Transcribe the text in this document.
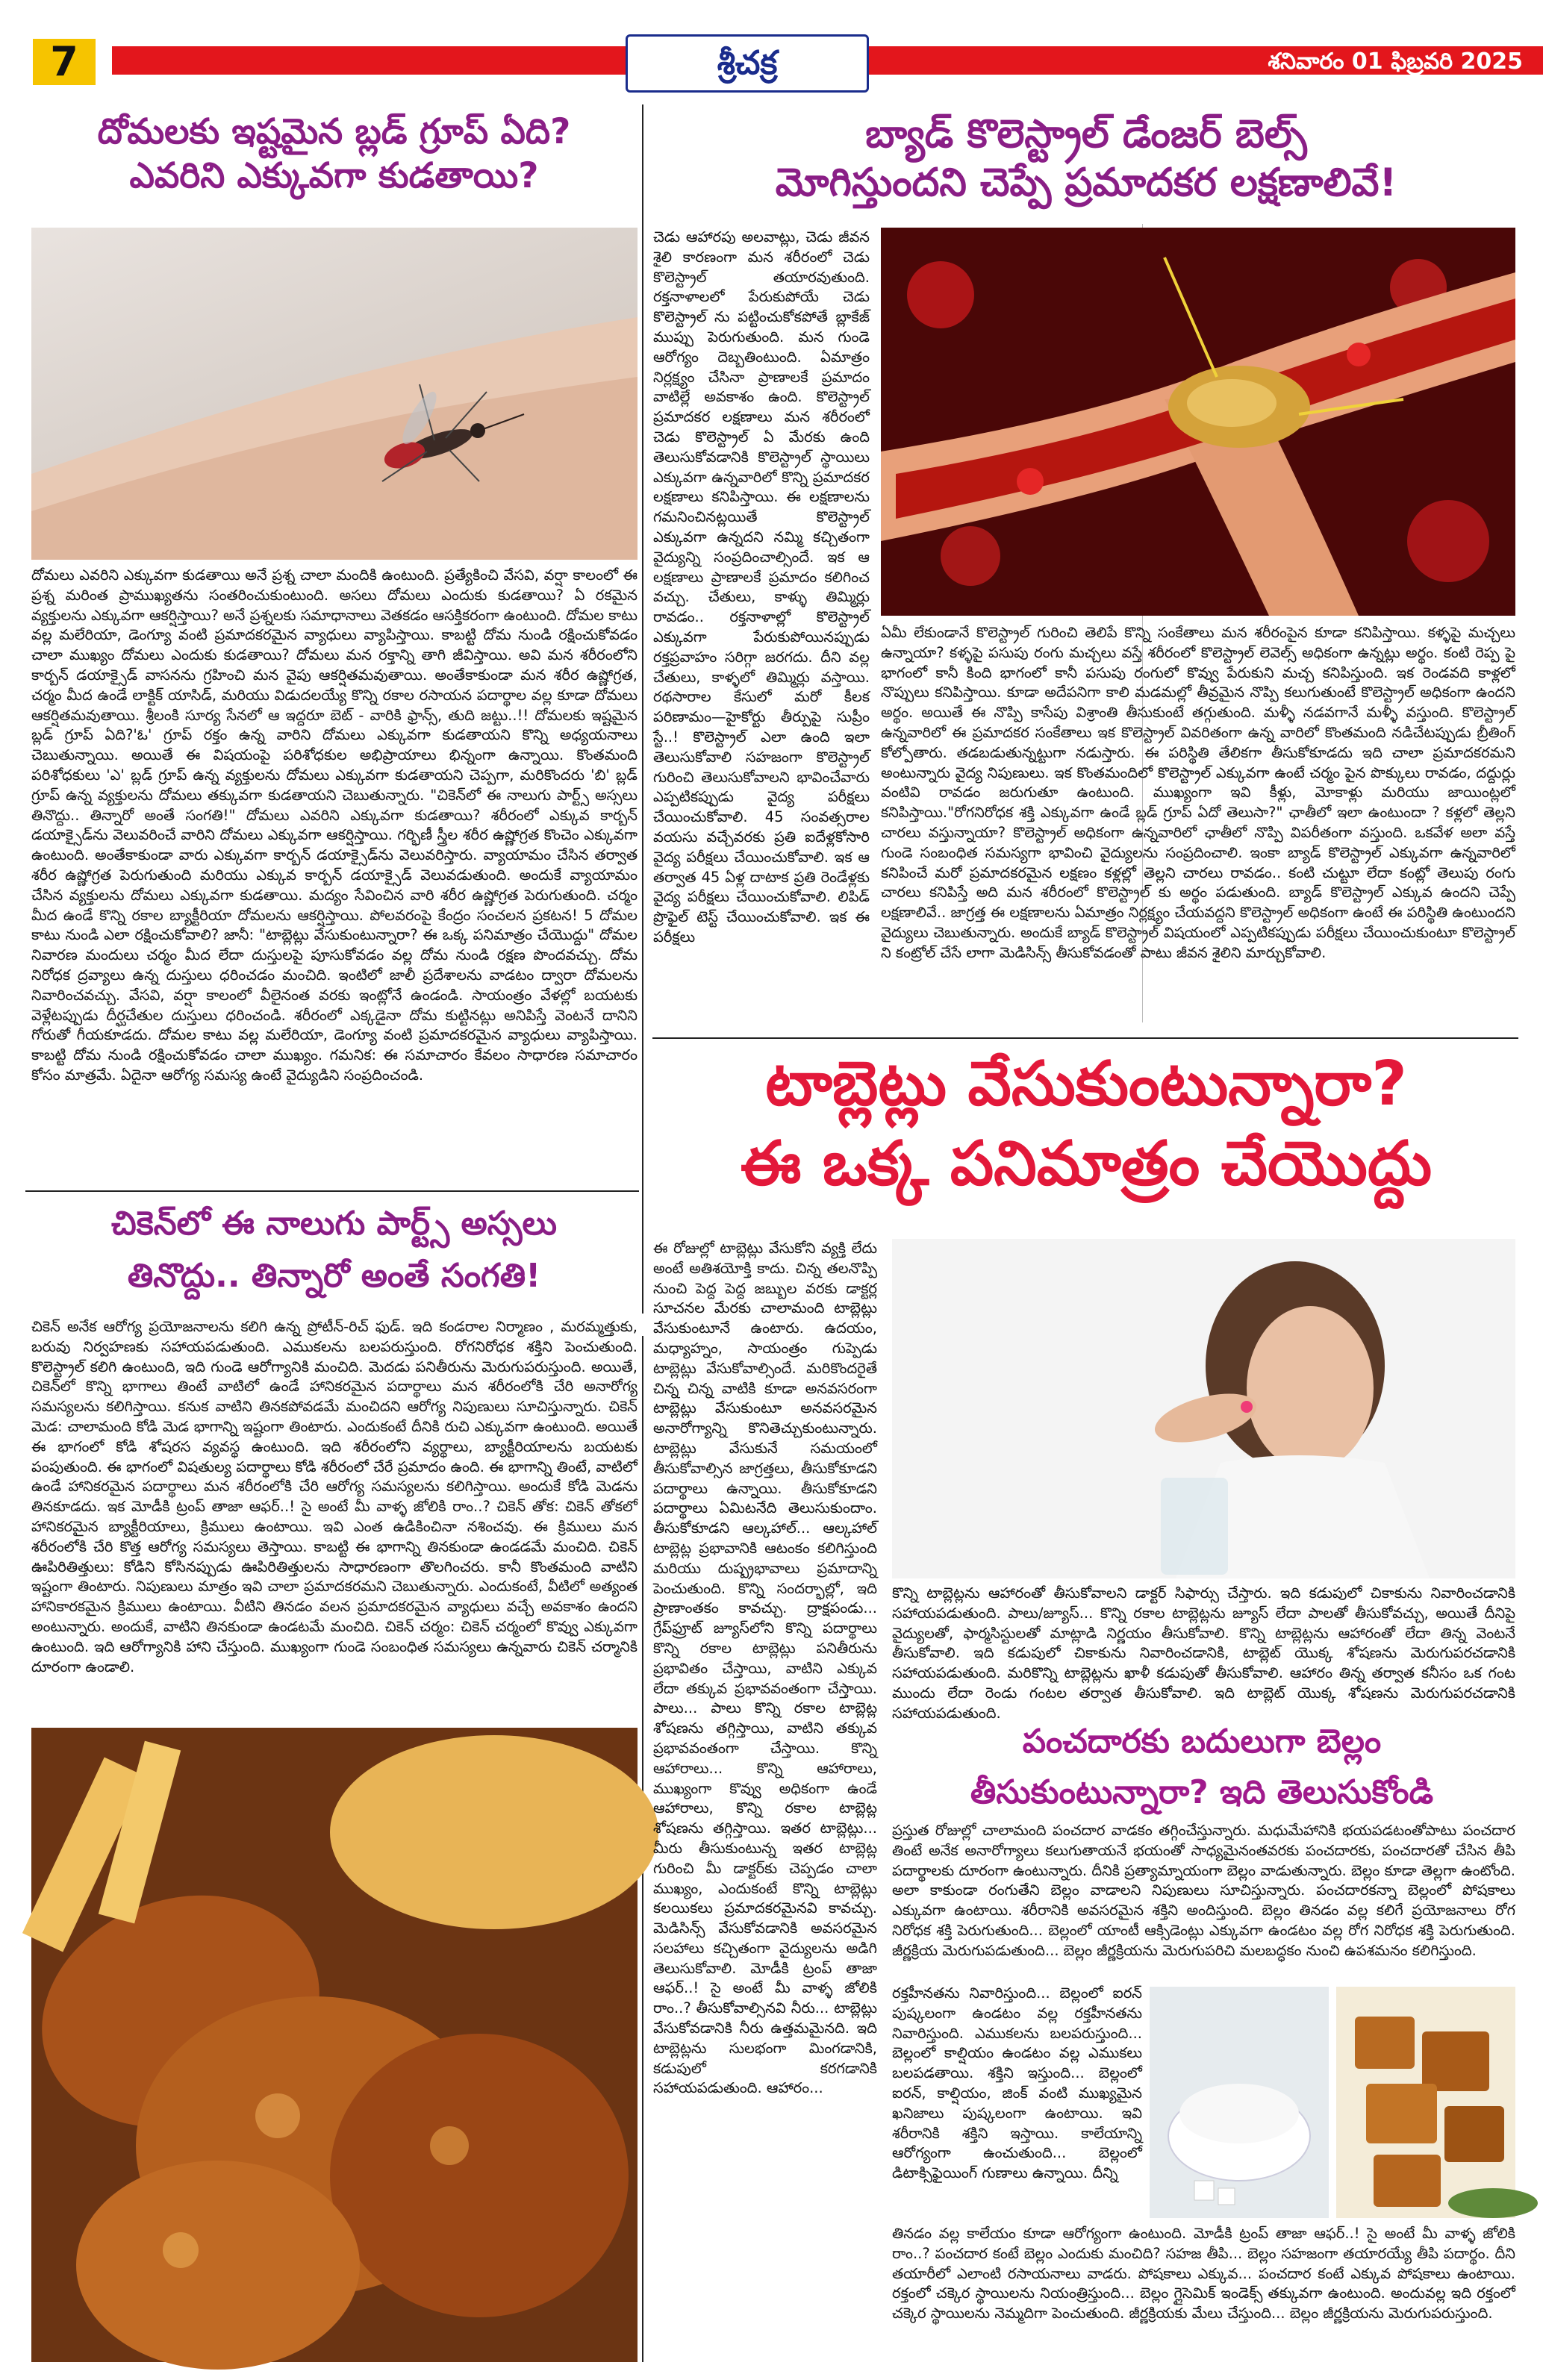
7	శ్రీచక్ర	శనివారం 01 ఫిబ్రవరి 2025
దోమలకు ఇష్టమైన బ్లడ్ గ్రూప్ ఏది?
ఎవరిని ఎక్కువగా కుడతాయి?
దోమలు ఎవరిని ఎక్కువగా కుడతాయి అనే ప్రశ్న చాలా మందికి ఉంటుంది. ప్రత్యేకించి వేసవి, వర్షా కాలంలో ఈ ప్రశ్న మరింత ప్రాముఖ్యతను సంతరించుకుంటుంది. అసలు దోమలు ఎందుకు కుడతాయి? ఏ రకమైన వ్యక్తులను ఎక్కువగా ఆకర్షిస్తాయి? అనే ప్రశ్నలకు సమాధానాలు వెతకడం ఆసక్తికరంగా ఉంటుంది. దోమల కాటు వల్ల మలేరియా, డెంగ్యూ వంటి ప్రమాదకరమైన వ్యాధులు వ్యాపిస్తాయి. కాబట్టి దోమ నుండి రక్షించుకోవడం చాలా ముఖ్యం దోమలు ఎందుకు కుడతాయి? దోమలు మన రక్తాన్ని తాగి జీవిస్తాయి. అవి మన శరీరంలోని కార్బన్ డయాక్సైడ్ వాసనను గ్రహించి మన వైపు ఆకర్షితమవుతాయి. అంతేకాకుండా మన శరీర ఉష్ణోగ్రత, చర్మం మీద ఉండే లాక్టిక్ యాసిడ్, మరియు విడుదలయ్యే కొన్ని రకాల రసాయన పదార్థాల వల్ల కూడా దోమలు ఆకర్షితమవుతాయి. శ్రీలంకి సూర్య సేనలో ఆ ఇద్దరూ బెట్ - వారికి ఫ్రాన్స్, తుది జట్టు..!! దోమలకు ఇష్టమైన బ్లడ్ గ్రూప్ ఏది?'ఓ' గ్రూప్ రక్తం ఉన్న వారిని దోమలు ఎక్కువగా కుడతాయని కొన్ని అధ్యయనాలు చెబుతున్నాయి. అయితే ఈ విషయంపై పరిశోధకుల అభిప్రాయాలు భిన్నంగా ఉన్నాయి. కొంతమంది పరిశోధకులు 'ఎ' బ్లడ్ గ్రూప్ ఉన్న వ్యక్తులను దోమలు ఎక్కువగా కుడతాయని చెప్పగా, మరికొందరు 'బి' బ్లడ్ గ్రూప్ ఉన్న వ్యక్తులను దోమలు తక్కువగా కుడతాయని చెబుతున్నారు. "చికెన్‌లో ఈ నాలుగు పార్ట్స్ అస్సలు తినొద్దు.. తిన్నారో అంతే సంగతి!" దోమలు ఎవరిని ఎక్కువగా కుడతాయి? శరీరంలో ఎక్కువ కార్బన్ డయాక్సైడ్‌ను వెలువరించే వారిని దోమలు ఎక్కువగా ఆకర్షిస్తాయి. గర్భిణీ స్త్రీల శరీర ఉష్ణోగ్రత కొంచెం ఎక్కువగా ఉంటుంది. అంతేకాకుండా వారు ఎక్కువగా కార్బన్ డయాక్సైడ్‌ను వెలువరిస్తారు. వ్యాయామం చేసిన తర్వాత శరీర ఉష్ణోగ్రత పెరుగుతుంది మరియు ఎక్కువ కార్బన్ డయాక్సైడ్ వెలువడుతుంది. అందుకే వ్యాయామం చేసిన వ్యక్తులను దోమలు ఎక్కువగా కుడతాయి. మద్యం సేవించిన వారి శరీర ఉష్ణోగ్రత పెరుగుతుంది. చర్మం మీద ఉండే కొన్ని రకాల బ్యాక్టీరియా దోమలను ఆకర్షిస్తాయి. పోలవరంపై కేంద్రం సంచలన ప్రకటన! 5 దోమల కాటు నుండి ఎలా రక్షించుకోవాలి? జానీ: "టాబ్లెట్లు వేసుకుంటున్నారా? ఈ ఒక్క పనిమాత్రం చేయొద్దు" దోమల నివారణ మందులు చర్మం మీద లేదా దుస్తులపై పూసుకోవడం వల్ల దోమ నుండి రక్షణ పొందవచ్చు. దోమ నిరోధక ద్రవ్యాలు ఉన్న దుస్తులు ధరించడం మంచిది. ఇంటిలో జాలీ ప్రదేశాలను వాడటం ద్వారా దోమలను నివారించవచ్చు. వేసవి, వర్షా కాలంలో వీలైనంత వరకు ఇంట్లోనే ఉండండి. సాయంత్రం వేళల్లో బయటకు వెళ్లేటప్పుడు దీర్ఘచేతుల దుస్తులు ధరించండి. శరీరంలో ఎక్కడైనా దోమ కుట్టినట్లు అనిపిస్తే వెంటనే దానిని గోరుతో గీయకూడదు. దోమల కాటు వల్ల మలేరియా, డెంగ్యూ వంటి ప్రమాదకరమైన వ్యాధులు వ్యాపిస్తాయి. కాబట్టి దోమ నుండి రక్షించుకోవడం చాలా ముఖ్యం. గమనిక: ఈ సమాచారం కేవలం సాధారణ సమాచారం కోసం మాత్రమే. ఏదైనా ఆరోగ్య సమస్య ఉంటే వైద్యుడిని సంప్రదించండి.
చికెన్‌లో ఈ నాలుగు పార్ట్స్ అస్సలు
తినొద్దు.. తిన్నారో అంతే సంగతి!
చికెన్ అనేక ఆరోగ్య ప్రయోజనాలను కలిగి ఉన్న ప్రోటీన్-రిచ్ ఫుడ్. ఇది కండరాల నిర్మాణం , మరమ్మత్తుకు, బరువు నిర్వహణకు సహాయపడుతుంది. ఎముకలను బలపరుస్తుంది. రోగనిరోధక శక్తిని పెంచుతుంది. కొలెస్ట్రాల్ కలిగి ఉంటుంది, ఇది గుండె ఆరోగ్యానికి మంచిది. మెదడు పనితీరును మెరుగుపరుస్తుంది. అయితే, చికెన్‌లో కొన్ని భాగాలు తింటే వాటిలో ఉండే హానికరమైన పదార్థాలు మన శరీరంలోకి చేరి అనారోగ్య సమస్యలను కలిగిస్తాయి. కనుక వాటిని తినకపోవడమే మంచిదని ఆరోగ్య నిపుణులు సూచిస్తున్నారు. చికెన్ మెడ: చాలామంది కోడి మెడ భాగాన్ని ఇష్టంగా తింటారు. ఎందుకంటే దీనికి రుచి ఎక్కువగా ఉంటుంది. అయితే ఈ భాగంలో కోడి శోషరస వ్యవస్థ ఉంటుంది. ఇది శరీరంలోని వ్యర్థాలు, బ్యాక్టీరియాలను బయటకు పంపుతుంది. ఈ భాగంలో విషతుల్య పదార్థాలు కోడి శరీరంలో చేరే ప్రమాదం ఉంది. ఈ భాగాన్ని తింటే, వాటిలో ఉండే హానికరమైన పదార్థాలు మన శరీరంలోకి చేరి ఆరోగ్య సమస్యలను కలిగిస్తాయి. అందుకే కోడి మెడను తినకూడదు. ఇక మోడీకి ట్రంప్ తాజా ఆఫర్..! సై అంటే మీ వాళ్ళ జోలికి రాం..? చికెన్ తోక: చికెన్ తోకలో హానికరమైన బ్యాక్టీరియాలు, క్రిములు ఉంటాయి. ఇవి ఎంత ఉడికించినా నశించవు. ఈ క్రిములు మన శరీరంలోకి చేరి కొత్త ఆరోగ్య సమస్యలు తెస్తాయి. కాబట్టి ఈ భాగాన్ని తినకుండా ఉండడమే మంచిది. చికెన్ ఊపిరితిత్తులు: కోడిని కోసినప్పుడు ఊపిరితిత్తులను సాధారణంగా తొలగించరు. కానీ కొంతమంది వాటిని ఇష్టంగా తింటారు. నిపుణులు మాత్రం ఇవి చాలా ప్రమాదకరమని చెబుతున్నారు. ఎందుకంటే, వీటిలో అత్యంత హానికారకమైన క్రిములు ఉంటాయి. వీటిని తినడం వలన ప్రమాదకరమైన వ్యాధులు వచ్చే అవకాశం ఉందని అంటున్నారు. అందుకే, వాటిని తినకుండా ఉండటమే మంచిది. చికెన్ చర్మం: చికెన్ చర్మంలో కొవ్వు ఎక్కువగా ఉంటుంది. ఇది ఆరోగ్యానికి హాని చేస్తుంది. ముఖ్యంగా గుండె సంబంధిత సమస్యలు ఉన్నవారు చికెన్ చర్మానికి దూరంగా ఉండాలి.
బ్యాడ్ కొలెస్ట్రాల్ డేంజర్ బెల్స్
మోగిస్తుందని చెప్పే ప్రమాదకర లక్షణాలివే!
చెడు ఆహారపు అలవాట్లు, చెడు జీవన శైలి కారణంగా మన శరీరంలో చెడు కొలెస్ట్రాల్ తయారవుతుంది. రక్తనాళాలలో పేరుకుపోయే చెడు కొలెస్ట్రాల్ ను పట్టించుకోకపోతే బ్లాకేజ్ ముప్పు పెరుగుతుంది. మన గుండె ఆరోగ్యం దెబ్బతింటుంది. ఏమాత్రం నిర్లక్ష్యం చేసినా ప్రాణాలకే ప్రమాదం వాటిల్లే అవకాశం ఉంది. కొలెస్ట్రాల్ ప్రమాదకర లక్షణాలు మన శరీరంలో చెడు కొలెస్ట్రాల్ ఏ మేరకు ఉంది తెలుసుకోవడానికి కొలెస్ట్రాల్ స్థాయిలు ఎక్కువగా ఉన్నవారిలో కొన్ని ప్రమాదకర లక్షణాలు కనిపిస్తాయి. ఈ లక్షణాలను గమనించినట్లయితే కొలెస్ట్రాల్ ఎక్కువగా ఉన్నదని నమ్మి కచ్చితంగా వైద్యున్ని సంప్రదించాల్సిందే. ఇక ఆ లక్షణాలు ప్రాణాలకే ప్రమాదం కలిగించ వచ్చు. చేతులు, కాళ్ళు తిమ్మిర్లు రావడం.. రక్తనాళాల్లో కొలెస్ట్రాల్ ఎక్కువగా పేరుకుపోయినప్పుడు రక్తప్రవాహం సరిగ్గా జరగదు. దీని వల్ల చేతులు, కాళ్ళలో తిమ్మిర్లు వస్తాయి. రథసారాల కేసులో మరో కీలక పరిణామం—హైకోర్టు తీర్పుపై సుప్రీం స్టే..! కొలెస్ట్రాల్ ఎలా ఉంది ఇలా తెలుసుకోవాలి సహజంగా కొలెస్ట్రాల్ గురించి తెలుసుకోవాలని భావించేవారు ఎప్పటికప్పుడు వైద్య పరీక్షలు చేయించుకోవాలి. 45 సంవత్సరాల వయసు వచ్చేవరకు ప్రతి ఐదేళ్లకోసారి వైద్య పరీక్షలు చేయించుకోవాలి. ఇక ఆ తర్వాత 45 ఏళ్ల దాటాక ప్రతి రెండేళ్లకు వైద్య పరీక్షలు చేయించుకోవాలి. లిపిడ్ ప్రొఫైల్ టెస్ట్ చేయించుకోవాలి. ఇక ఈ పరీక్షలు
ఏమీ లేకుండానే కొలెస్ట్రాల్ గురించి తెలిపే కొన్ని సంకేతాలు మన శరీరంపైన కూడా కనిపిస్తాయి. కళ్ళపై మచ్చలు ఉన్నాయా? కళ్ళపై పసుపు రంగు మచ్చలు వస్తే శరీరంలో కొలెస్ట్రాల్ లెవెల్స్ అధికంగా ఉన్నట్లు అర్థం. కంటి రెప్ప పై భాగంలో కానీ కింది భాగంలో కానీ పసుపు రంగులో కొవ్వు పేరుకుని మచ్చ కనిపిస్తుంది. ఇక రెండవది కాళ్లలో నొప్పులు కనిపిస్తాయి. కూడా అదేపనిగా కాలి మడమల్లో తీవ్రమైన నొప్పి కలుగుతుంటే కొలెస్ట్రాల్ అధికంగా ఉందని అర్థం. అయితే ఈ నొప్పి కాసేపు విశ్రాంతి తీసుకుంటే తగ్గుతుంది. మళ్ళీ నడవగానే మళ్ళీ వస్తుంది. కొలెస్ట్రాల్ ఉన్నవారిలో ఈ ప్రమాదకర సంకేతాలు ఇక కొలెస్ట్రాల్ వివరితంగా ఉన్న వారిలో కొంతమంది నడిచేటప్పుడు బ్రీతింగ్ కోల్పోతారు. తడబడుతున్నట్టుగా నడుస్తారు. ఈ పరిస్థితి తేలికగా తీసుకోకూడదు ఇది చాలా ప్రమాదకరమని అంటున్నారు వైద్య నిపుణులు. ఇక కొంతమందిలో కొలెస్ట్రాల్ ఎక్కువగా ఉంటే చర్మం పైన పొక్కులు రావడం, దద్దుర్లు వంటివి రావడం జరుగుతూ ఉంటుంది. ముఖ్యంగా ఇవి కీళ్లు, మోకాళ్లు మరియు జాయింట్లలో కనిపిస్తాయి."రోగనిరోధక శక్తి ఎక్కువగా ఉండే బ్లడ్ గ్రూప్ ఏదో తెలుసా?" ఛాతీలో ఇలా ఉంటుందా ? కళ్లలో తెల్లని చారలు వస్తున్నాయా? కొలెస్ట్రాల్ అధికంగా ఉన్నవారిలో ఛాతీలో నొప్పి విపరీతంగా వస్తుంది. ఒకవేళ అలా వస్తే గుండె సంబంధిత సమస్యగా భావించి వైద్యులను సంప్రదించాలి. ఇంకా బ్యాడ్ కొలెస్ట్రాల్ ఎక్కువగా ఉన్నవారిలో కనిపించే మరో ప్రమాదకరమైన లక్షణం కళ్లల్లో తెల్లని చారలు రావడం.. కంటి చుట్టూ లేదా కంట్లో తెలుపు రంగు చారలు కనిపిస్తే అది మన శరీరంలో కొలెస్ట్రాల్ కు అర్థం పడుతుంది. బ్యాడ్ కొలెస్ట్రాల్ ఎక్కువ ఉందని చెప్పే లక్షణాలివే.. జాగ్రత్త ఈ లక్షణాలను ఏమాత్రం నిర్లక్ష్యం చేయవద్దని కొలెస్ట్రాల్ అధికంగా ఉంటే ఈ పరిస్థితి ఉంటుందని వైద్యులు చెబుతున్నారు. అందుకే బ్యాడ్ కొలెస్ట్రాల్ విషయంలో ఎప్పటికప్పుడు పరీక్షలు చేయించుకుంటూ కొలెస్ట్రాల్ ని కంట్రోల్ చేసే లాగా మెడిసిన్స్ తీసుకోవడంతో పాటు జీవన శైలిని మార్చుకోవాలి.
టాబ్లెట్లు వేసుకుంటున్నారా?
ఈ ఒక్క పనిమాత్రం చేయొద్దు
ఈ రోజుల్లో టాబ్లెట్లు వేసుకోని వ్యక్తి లేదు అంటే అతిశయోక్తి కాదు. చిన్న తలనొప్పి నుంచి పెద్ద పెద్ద జబ్బుల వరకు డాక్టర్ల సూచనల మేరకు చాలామంది టాబ్లెట్లు వేసుకుంటూనే ఉంటారు. ఉదయం, మధ్యాహ్నం, సాయంత్రం గుప్పెడు టాబ్లెట్లు వేసుకోవాల్సిందే. మరికొందరైతే చిన్న చిన్న వాటికి కూడా అనవసరంగా టాబ్లెట్లు వేసుకుంటూ అనవసరమైన అనారోగ్యాన్ని కొనితెచ్చుకుంటున్నారు. టాబ్లెట్లు వేసుకునే సమయంలో తీసుకోవాల్సిన జాగ్రత్తలు, తీసుకోకూడని పదార్థాలు ఉన్నాయి. తీసుకోకూడని పదార్థాలు ఏమిటనేది తెలుసుకుందాం. తీసుకోకూడని ఆల్కహాల్... ఆల్కహాల్ టాబ్లెట్ల ప్రభావానికి ఆటంకం కలిగిస్తుంది మరియు దుష్ప్రభావాలు ప్రమాదాన్ని పెంచుతుంది. కొన్ని సందర్భాల్లో, ఇది ప్రాణాంతకం కావచ్చు. ద్రాక్షపండు... గ్రేప్‌ఫ్రూట్ జ్యూస్‌లోని కొన్ని పదార్థాలు కొన్ని రకాల టాబ్లెట్లు పనితీరును ప్రభావితం చేస్తాయి, వాటిని ఎక్కువ లేదా తక్కువ ప్రభావవంతంగా చేస్తాయి. పాలు... పాలు కొన్ని రకాల టాబ్లెట్ల శోషణను తగ్గిస్తాయి, వాటిని తక్కువ ప్రభావవంతంగా చేస్తాయి. కొన్ని ఆహారాలు... కొన్ని ఆహారాలు, ముఖ్యంగా కొవ్వు అధికంగా ఉండే ఆహారాలు, కొన్ని రకాల టాబ్లెట్ల శోషణను తగ్గిస్తాయి. ఇతర టాబ్లెట్లు... మీరు తీసుకుంటున్న ఇతర టాబ్లెట్ల గురించి మీ డాక్టర్‌కు చెప్పడం చాలా ముఖ్యం, ఎందుకంటే కొన్ని టాబ్లెట్లు కలయికలు ప్రమాదకరమైనవి కావచ్చు. మెడిసిన్స్ వేసుకోవడానికి అవసరమైన సలహాలు కచ్చితంగా వైద్యులను అడిగి తెలుసుకోవాలి. మోడీకి ట్రంప్ తాజా ఆఫర్..! సై అంటే మీ వాళ్ళ జోలికి రాం..? తీసుకోవాల్సినవి నీరు... టాబ్లెట్లు వేసుకోవడానికి నీరు ఉత్తమమైనది. ఇది టాబ్లెట్లను సులభంగా మింగడానికి, కడుపులో కరగడానికి సహాయపడుతుంది. ఆహారం...
కొన్ని టాబ్లెట్లను ఆహారంతో తీసుకోవాలని డాక్టర్ సిఫార్సు చేస్తారు. ఇది కడుపులో చికాకును నివారించడానికి సహాయపడుతుంది. పాలు/జ్యూస్... కొన్ని రకాల టాబ్లెట్లను జ్యూస్ లేదా పాలతో తీసుకోవచ్చు, అయితే దీనిపై వైద్యులతో, ఫార్మసిస్టులతో మాట్లాడి నిర్ణయం తీసుకోవాలి. కొన్ని టాబ్లెట్లను ఆహారంతో లేదా తిన్న వెంటనే తీసుకోవాలి. ఇది కడుపులో చికాకును నివారించడానికి, టాబ్లెట్ యొక్క శోషణను మెరుగుపరచడానికి సహాయపడుతుంది. మరికొన్ని టాబ్లెట్లను ఖాళీ కడుపుతో తీసుకోవాలి. ఆహారం తిన్న తర్వాత కనీసం ఒక గంట ముందు లేదా రెండు గంటల తర్వాత తీసుకోవాలి. ఇది టాబ్లెట్ యొక్క శోషణను మెరుగుపరచడానికి సహాయపడుతుంది.
పంచదారకు బదులుగా బెల్లం
తీసుకుంటున్నారా? ఇది తెలుసుకోండి
ప్రస్తుత రోజుల్లో చాలామంది పంచదార వాడకం తగ్గించేస్తున్నారు. మధుమేహానికి భయపడటంతోపాటు పంచదార తింటే అనేక అనారోగ్యాలు కలుగుతాయనే భయంతో సాధ్యమైనంతవరకు పంచదారకు, పంచదారతో చేసిన తీపి పదార్థాలకు దూరంగా ఉంటున్నారు. దీనికి ప్రత్యామ్నాయంగా బెల్లం వాడుతున్నారు. బెల్లం కూడా తెల్లగా ఉంటోంది. అలా కాకుండా రంగుతేని బెల్లం వాడాలని నిపుణులు సూచిస్తున్నారు. పంచదారకన్నా బెల్లంలో పోషకాలు ఎక్కువగా ఉంటాయి. శరీరానికి అవసరమైన శక్తిని అందిస్తుంది. బెల్లం తినడం వల్ల కలిగే ప్రయోజనాలు రోగ నిరోధక శక్తి పెరుగుతుంది... బెల్లంలో యాంటీ ఆక్సిడెంట్లు ఎక్కువగా ఉండటం వల్ల రోగ నిరోధక శక్తి పెరుగుతుంది. జీర్ణక్రియ మెరుగుపడుతుంది... బెల్లం జీర్ణక్రియను మెరుగుపరిచి మలబద్ధకం నుంచి ఉపశమనం కలిగిస్తుంది.
రక్తహీనతను నివారిస్తుంది... బెల్లంలో ఐరన్ పుష్కలంగా ఉండటం వల్ల రక్తహీనతను నివారిస్తుంది. ఎముకలను బలపరుస్తుంది... బెల్లంలో కాల్షియం ఉండటం వల్ల ఎముకలు బలపడతాయి. శక్తిని ఇస్తుంది... బెల్లంలో ఐరన్, కాల్షియం, జింక్ వంటి ముఖ్యమైన ఖనిజాలు పుష్కలంగా ఉంటాయి. ఇవి శరీరానికి శక్తిని ఇస్తాయి. కాలేయాన్ని ఆరోగ్యంగా ఉంచుతుంది... బెల్లంలో డిటాక్సిఫైయింగ్ గుణాలు ఉన్నాయి. దీన్ని
తినడం వల్ల కాలేయం కూడా ఆరోగ్యంగా ఉంటుంది. మోడీకి ట్రంప్ తాజా ఆఫర్..! సై అంటే మీ వాళ్ళ జోలికి రాం..? పంచదార కంటే బెల్లం ఎందుకు మంచిది? సహజ తీపి... బెల్లం సహజంగా తయారయ్యే తీపి పదార్థం. దీని తయారీలో ఎలాంటి రసాయనాలు వాడరు. పోషకాలు ఎక్కువ... పంచదార కంటే ఎక్కువ పోషకాలు ఉంటాయి. రక్తంలో చక్కెర స్థాయిలను నియంత్రిస్తుంది... బెల్లం గ్లైసెమిక్ ఇండెక్స్ తక్కువగా ఉంటుంది. అందువల్ల ఇది రక్తంలో చక్కెర స్థాయిలను నెమ్మదిగా పెంచుతుంది. జీర్ణక్రియకు మేలు చేస్తుంది... బెల్లం జీర్ణక్రియను మెరుగుపరుస్తుంది.
